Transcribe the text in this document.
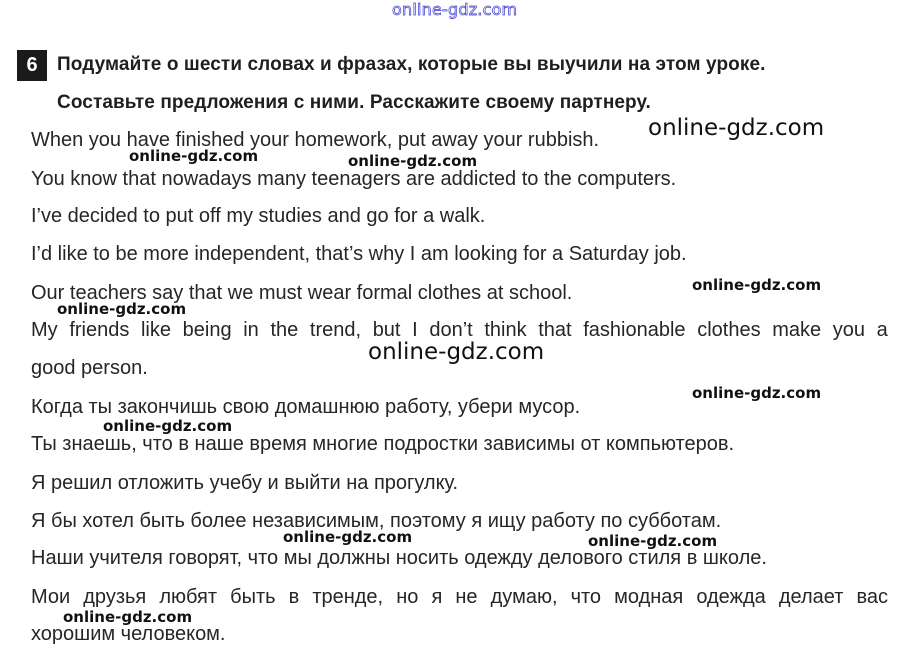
online-gdz.com
6	Подумайте о шести словах и фразах, которые вы выучили на этом уроке.
Составьте предложения с ними. Расскажите своему партнеру.
When you have finished your homework, put away your rubbish.
You know that nowadays many teenagers are addicted to the computers.
I’ve decided to put off my studies and go for a walk.
I’d like to be more independent, that’s why I am looking for a Saturday job.
Our teachers say that we must wear formal clothes at school.
My friends like being in the trend, but I don’t think that fashionable clothes make you a
good person.
Когда ты закончишь свою домашнюю работу, убери мусор.
Ты знаешь, что в наше время многие подростки зависимы от компьютеров.
Я решил отложить учебу и выйти на прогулку.
Я бы хотел быть более независимым, поэтому я ищу работу по субботам.
Наши учителя говорят, что мы должны носить одежду делового стиля в школе.
Мои друзья любят быть в тренде, но я не думаю, что модная одежда делает вас
хорошим человеком.
online-gdz.com
online-gdz.com	online-gdz.com
online-gdz.com
online-gdz.com
online-gdz.com
online-gdz.com
online-gdz.com
online-gdz.com	online-gdz.com
online-gdz.com
